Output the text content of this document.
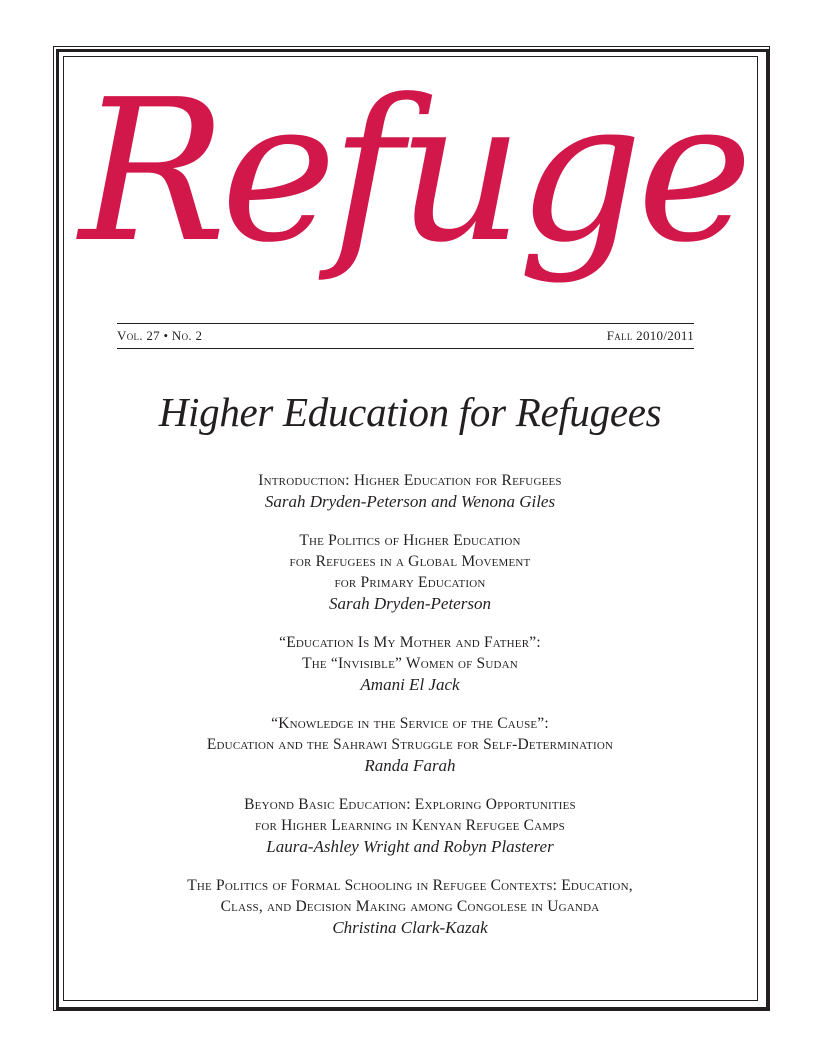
Refuge
Vol. 27 • No. 2	Fall 2010/2011
Higher Education for Refugees
Introduction: Higher Education for Refugees
Sarah Dryden-Peterson and Wenona Giles
The Politics of Higher Education
for Refugees in a Global Movement
for Primary Education
Sarah Dryden-Peterson
“Education Is My Mother and Father”:
The “Invisible” Women of Sudan
Amani El Jack
“Knowledge in the Service of the Cause”:
Education and the Sahrawi Struggle for Self-Determination
Randa Farah
Beyond Basic Education: Exploring Opportunities
for Higher Learning in Kenyan Refugee Camps
Laura-Ashley Wright and Robyn Plasterer
The Politics of Formal Schooling in Refugee Contexts: Education,
Class, and Decision Making among Congolese in Uganda
Christina Clark-Kazak
